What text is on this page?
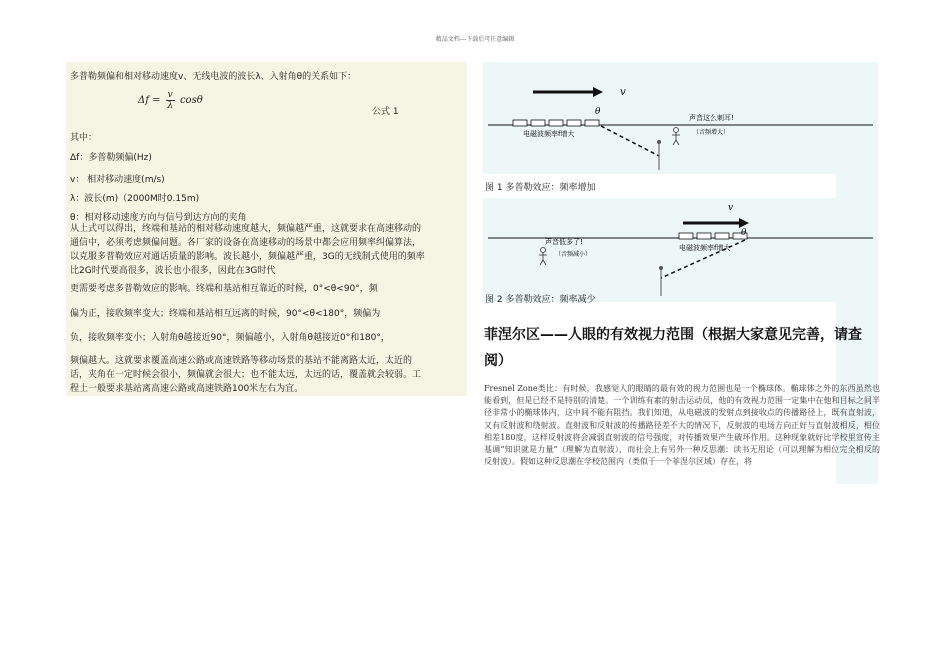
精品文档---下载后可任意编辑
多普勒频偏和相对移动速度v、无线电波的波长λ、入射角θ的关系如下：
$\Delta f = \frac{v}{\lambda}$ cosθ
公式 1
其中：
Δf：多普勒频偏(Hz)
v： 相对移动速度(m/s)
λ：波长(m)（2000M时0.15m)
θ：相对移动速度方向与信号到达方向的夹角
从上式可以得出，终端和基站的相对移动速度越大，频偏越严重，这就要求在高速移动的通信中，必须考虑频偏问题。各厂家的设备在高速移动的场景中都会应用频率纠偏算法，以克服多普勒效应对通话质量的影响。波长越小，频偏越严重，3G的无线制式使用的频率比2G时代要高很多，波长也小很多，因此在3G时代
更需要考虑多普勒效应的影响。终端和基站相互靠近的时候，0°<θ<90°，频
偏为正，接收频率变大；终端和基站相互远离的时候，90°<θ<180°，频偏为
负，接收频率变小；入射角θ越接近90°，频偏越小，入射角θ越接近0°和180°，
频偏越大。这就要求覆盖高速公路或高速铁路等移动场景的基站不能离路太近，太近的话，夹角在一定时候会很小，频偏就会很大；也不能太远，太远的话，覆盖就会较弱。工程上一般要求基站离高速公路或高速铁路100米左右为宜。
v
θ
电磁波频率f增大
声音这么刺耳!
（音频增大）
图 1 多普勒效应：频率增加
v
θ
电磁波频率f增大
声音低多了!
（音频减小）
图 2 多普勒效应：频率减少
菲涅尔区——人眼的有效视力范围（根据大家意见完善，请查阅）
Fresnel Zone类比：有时候，我感觉人的眼睛的最有效的视力范围也是一个椭球体。椭球体之外的东西虽然也能看到，但是已经不是特别的清楚。一个训练有素的射击运动员，他的有效视力范围一定集中在他和目标之间半径非常小的椭球体内，这中间不能有阻挡。我们知道，从电磁波的发射点到接收点的传播路径上，既有直射波，又有反射波和绕射波。直射波和反射波的传播路径差不大的情况下，反射波的电场方向正好与直射波相反，相位相差180度，这样反射波将会减弱直射波的信号强度，对传播效果产生破坏作用。这种现象就好比学校里宣传主基调“知识就是力量”（理解为直射波），而社会上有另外一种反思潮：读书无用论（可以理解为相位完全相反的反射波）。假如这种反思潮在学校范围内（类似于一个菲涅尔区域）存在，将
